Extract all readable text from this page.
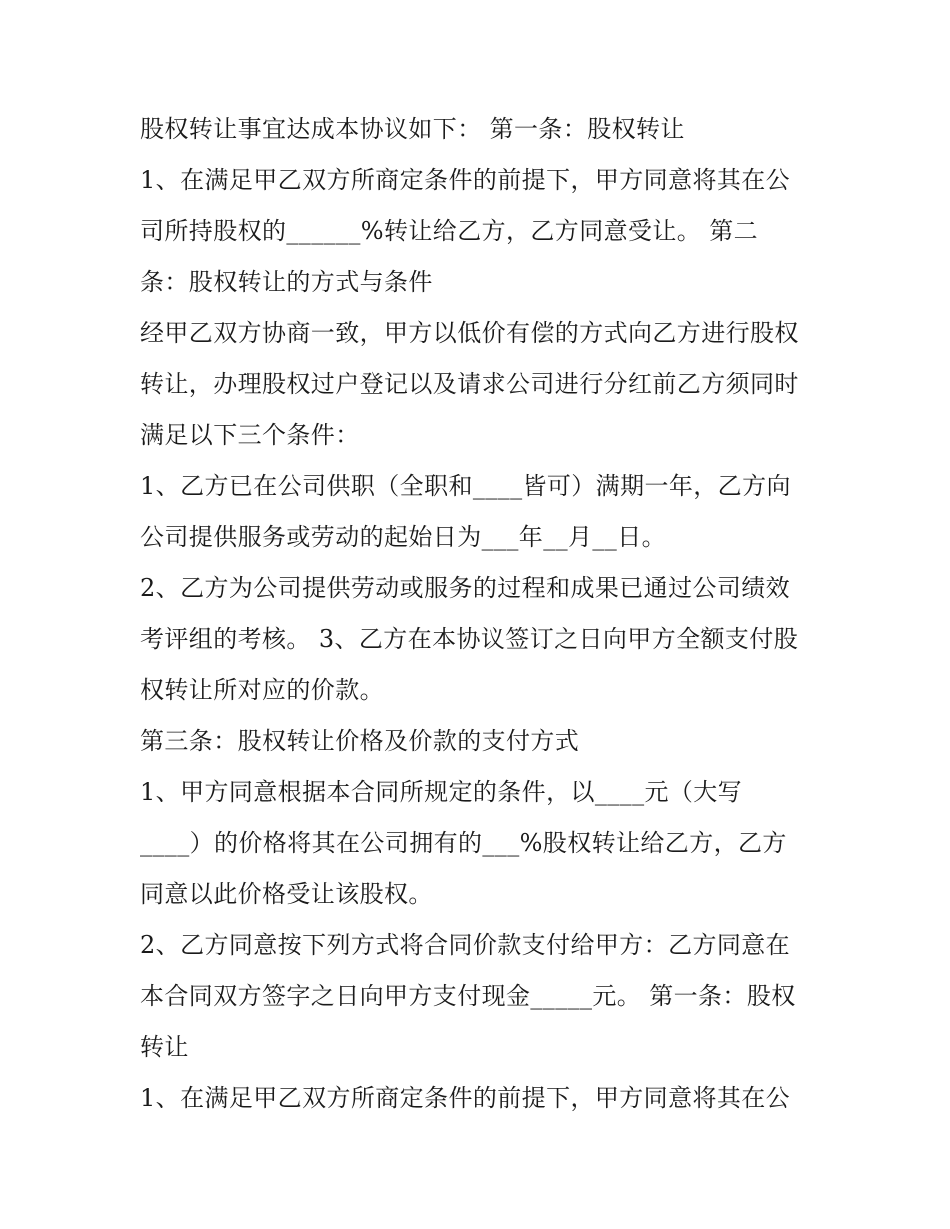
股权转让事宜达成本协议如下： 第一条：股权转让
1、在满足甲乙双方所商定条件的前提下，甲方同意将其在公
司所持股权的______%转让给乙方，乙方同意受让。 第二
条：股权转让的方式与条件
经甲乙双方协商一致，甲方以低价有偿的方式向乙方进行股权
转让，办理股权过户登记以及请求公司进行分红前乙方须同时
满足以下三个条件：
1、乙方已在公司供职（全职和____皆可）满期一年，乙方向
公司提供服务或劳动的起始日为___年__月__日。
2、乙方为公司提供劳动或服务的过程和成果已通过公司绩效
考评组的考核。 3、乙方在本协议签订之日向甲方全额支付股
权转让所对应的价款。
第三条：股权转让价格及价款的支付方式
1、甲方同意根据本合同所规定的条件，以____元（大写
____）的价格将其在公司拥有的___%股权转让给乙方，乙方
同意以此价格受让该股权。
2、乙方同意按下列方式将合同价款支付给甲方：乙方同意在
本合同双方签字之日向甲方支付现金_____元。 第一条：股权
转让
1、在满足甲乙双方所商定条件的前提下，甲方同意将其在公
